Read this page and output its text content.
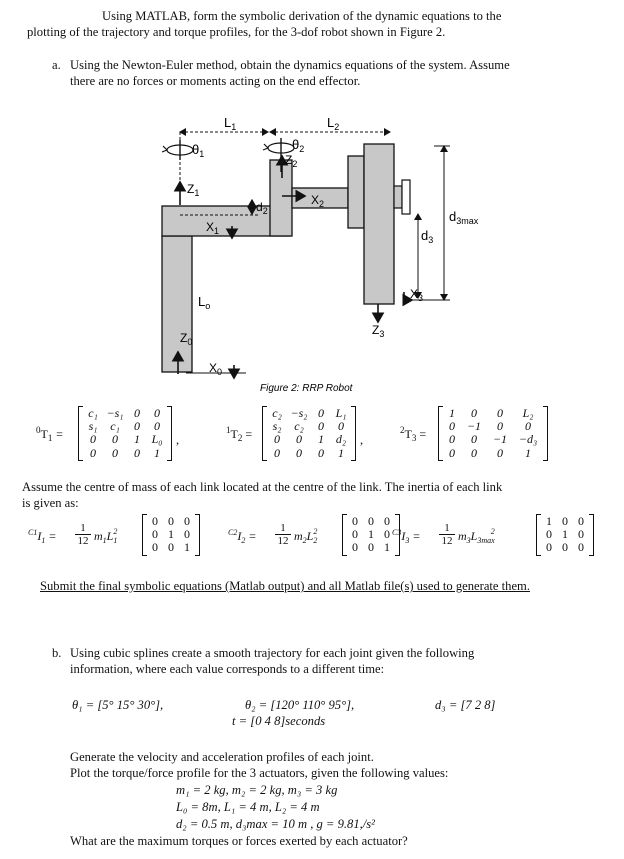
Using MATLAB, form the symbolic derivation of the dynamic equations to the
plotting of the trajectory and torque profiles, for the 3-dof robot shown in Figure 2.
a. Using the Newton-Euler method, obtain the dynamics equations of the system. Assume
there are no forces or moments acting on the end effector.
$L_1$	$L_2$
$\theta_1$
$\theta_2$
$Z_2$
$Z_1$	$X_2$
$X_1$
$d_2$	$d_{3max}$
$d_3$
$X_3$
$Z_3$
$L_o$
$Z_0$
$X_0$
Figure 2: RRP Robot
$^0T_1$ =
c₁ −s₁ 0	0
s₁	c₁	0	0
0	0	1 L₀
0	0	0	1
,
$^1T_2$ =
c₂ −s₂ 0 L₁
s₂	c₂	0	0
0	0	1 d₂
0	0	0	1
,
$^2T_3$ =
1	0	0	L₂
0 −1	0	0
0	0	−1 −d₃
0	0	0	1
Assume the centre of mass of each link located at the centre of the link. The inertia of each link
is given as:
$^{C1}I_1$ =
1
12 $m_1L_1^2$
0 0 0
0 1 0
0 0 1
$^{C2}I_2$ =
1
12 $m_2L_2^2$
0 0 0
0 1 0
0 0 1
$^{C3}I_3$ =
1
12 $m_3L_{3max}^2$
1 0 0
0 1 0
0 0 0
Submit the final symbolic equations (Matlab output) and all Matlab file(s) used to generate them.
b. Using cubic splines create a smooth trajectory for each joint given the following
information, where each value corresponds to a different time:
θ₁ = [5° 15° 30°],	θ₂ = [120° 110° 95°],	d₃ = [7 2 8]
t = [0 4 8]seconds
Generate the velocity and acceleration profiles of each joint.
Plot the torque/force profile for the 3 actuators, given the following values:
m₁ = 2 kg, m₂ = 2 kg, m₃ = 3 kg
L₀ = 8m, L₁ = 4 m, L₂ = 4 m
d₂ = 0.5 m, d₃max = 10 m , g = 9.81,/s²
What are the maximum torques or forces exerted by each actuator?
